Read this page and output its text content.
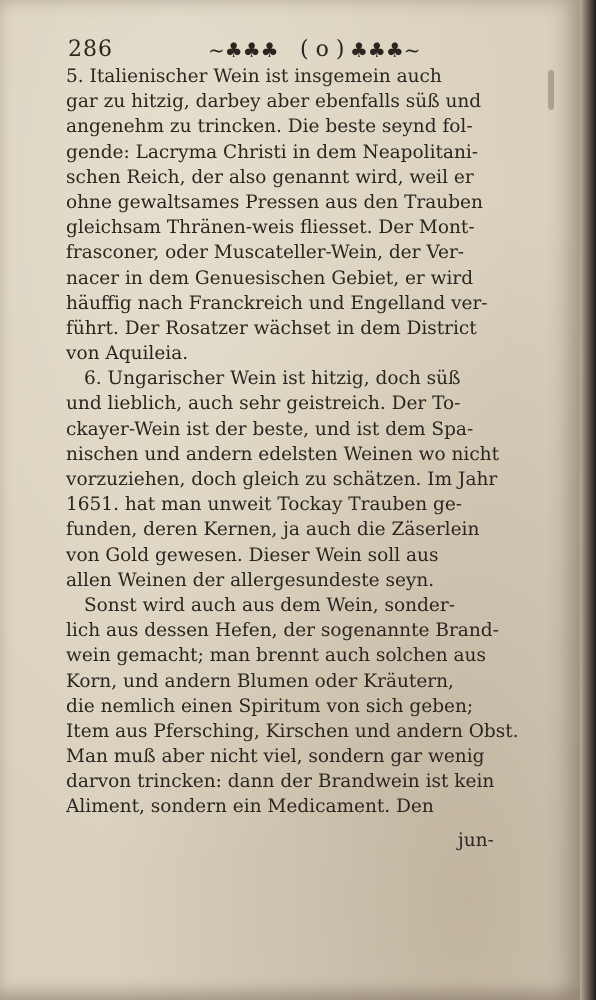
286	~♣♣♣ ( o ) ♣♣♣~
5. Italienischer Wein ist insgemein auch
gar zu hitzig, darbey aber ebenfalls süß und
angenehm zu trincken. Die beste seynd fol-
gende: Lacryma Christi in dem Neapolitani-
schen Reich, der also genannt wird, weil er
ohne gewaltsames Pressen aus den Trauben
gleichsam Thränen-weis fliesset. Der Mont-
frasconer, oder Muscateller-Wein, der Ver-
nacer in dem Genuesischen Gebiet, er wird
häuffig nach Franckreich und Engelland ver-
führt. Der Rosatzer wächset in dem District
von Aquileia.
6. Ungarischer Wein ist hitzig, doch süß
und lieblich, auch sehr geistreich. Der To-
ckayer-Wein ist der beste, und ist dem Spa-
nischen und andern edelsten Weinen wo nicht
vorzuziehen, doch gleich zu schätzen. Im Jahr
1651. hat man unweit Tockay Trauben ge-
funden, deren Kernen, ja auch die Zäserlein
von Gold gewesen. Dieser Wein soll aus
allen Weinen der allergesundeste seyn.
Sonst wird auch aus dem Wein, sonder-
lich aus dessen Hefen, der sogenannte Brand-
wein gemacht; man brennt auch solchen aus
Korn, und andern Blumen oder Kräutern,
die nemlich einen Spiritum von sich geben;
Item aus Pfersching, Kirschen und andern Obst.
Man muß aber nicht viel, sondern gar wenig
darvon trincken: dann der Brandwein ist kein
Aliment, sondern ein Medicament. Den
jun-
